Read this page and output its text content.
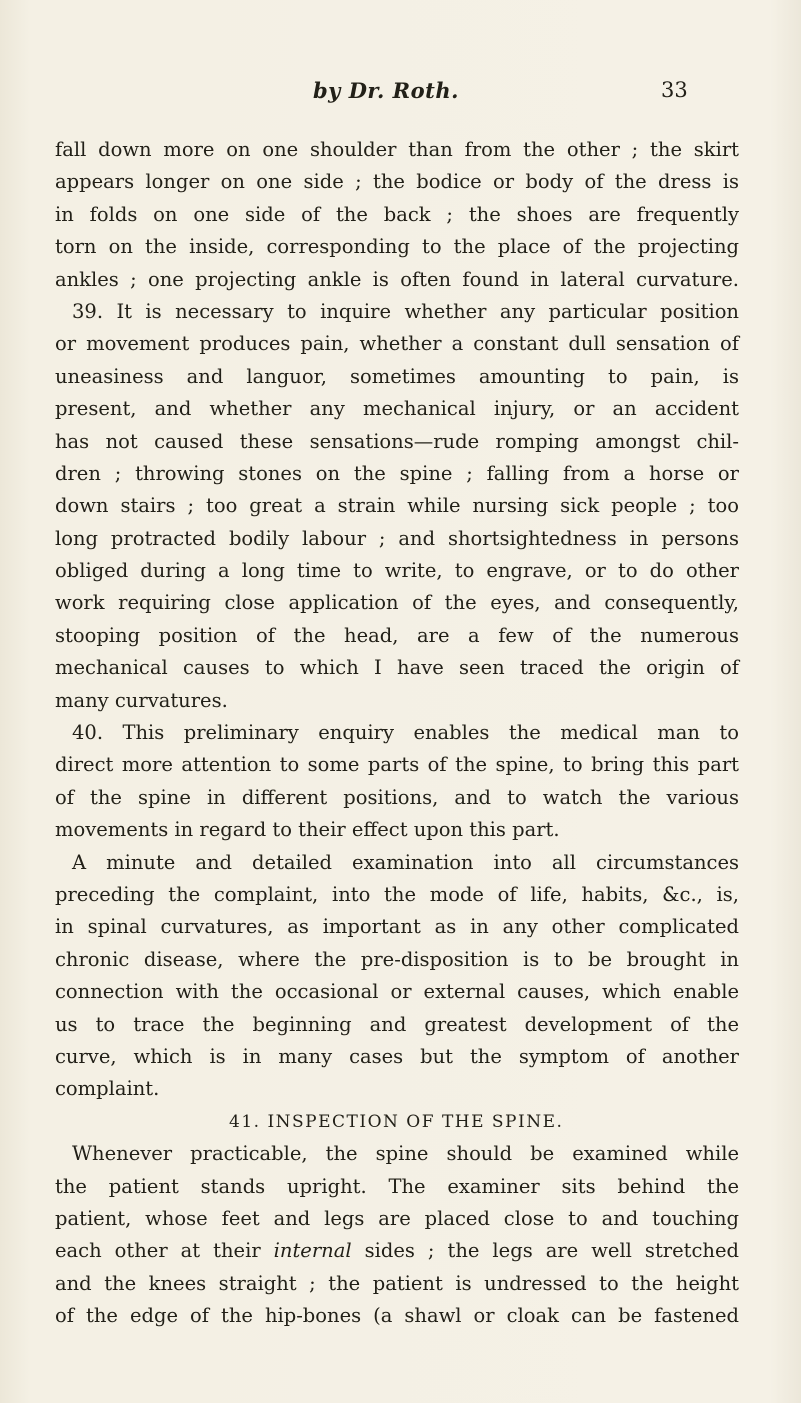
by Dr. Roth.	33
fall down more on one shoulder than from the other ; the skirt
appears longer on one side ; the bodice or body of the dress is
in folds on one side of the back ; the shoes are frequently
torn on the inside, corresponding to the place of the projecting
ankles ; one projecting ankle is often found in lateral curvature.
39. It is necessary to inquire whether any particular position
or movement produces pain, whether a constant dull sensation of
uneasiness and languor, sometimes amounting to pain, is
present, and whether any mechanical injury, or an accident
has not caused these sensations—rude romping amongst chil-
dren ; throwing stones on the spine ; falling from a horse or
down stairs ; too great a strain while nursing sick people ; too
long protracted bodily labour ; and shortsightedness in persons
obliged during a long time to write, to engrave, or to do other
work requiring close application of the eyes, and consequently,
stooping position of the head, are a few of the numerous
mechanical causes to which I have seen traced the origin of
many curvatures.
40. This preliminary enquiry enables the medical man to
direct more attention to some parts of the spine, to bring this part
of the spine in different positions, and to watch the various
movements in regard to their effect upon this part.
A minute and detailed examination into all circumstances
preceding the complaint, into the mode of life, habits, &c., is,
in spinal curvatures, as important as in any other complicated
chronic disease, where the pre-disposition is to be brought in
connection with the occasional or external causes, which enable
us to trace the beginning and greatest development of the
curve, which is in many cases but the symptom of another
complaint.
41. INSPECTION OF THE SPINE.
Whenever practicable, the spine should be examined while
the patient stands upright. The examiner sits behind the
patient, whose feet and legs are placed close to and touching
each other at their internal sides ; the legs are well stretched
and the knees straight ; the patient is undressed to the height
of the edge of the hip-bones (a shawl or cloak can be fastened
